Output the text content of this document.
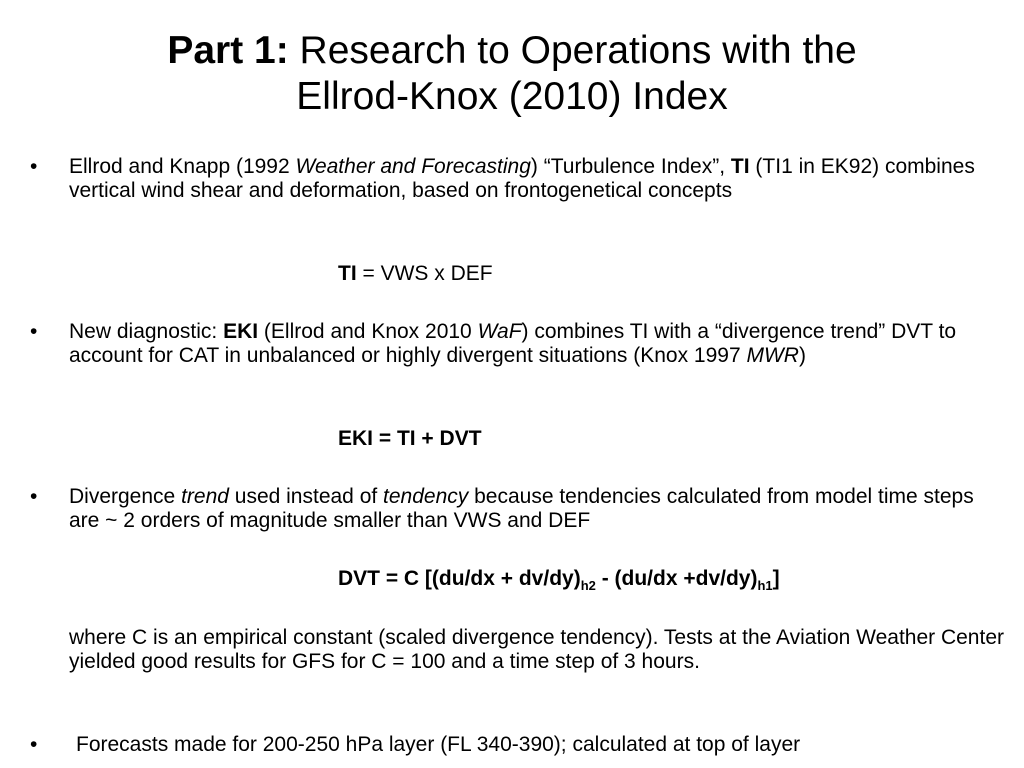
Part 1: Research to Operations with the
Ellrod-Knox (2010) Index
• Ellrod and Knapp (1992 Weather and Forecasting) “Turbulence Index”, TI (TI1 in EK92) combines vertical wind shear and deformation, based on frontogenetical concepts
TI = VWS x DEF
• New diagnostic: EKI (Ellrod and Knox 2010 WaF) combines TI with a “divergence trend” DVT to account for CAT in unbalanced or highly divergent situations (Knox 1997 MWR)
EKI = TI + DVT
• Divergence trend used instead of tendency because tendencies calculated from model time steps are ~ 2 orders of magnitude smaller than VWS and DEF
DVT = C $[(du/dx + dv/dy)_{h2} - (du/dx +dv/dy)_{h1}]$
where C is an empirical constant (scaled divergence tendency). Tests at the Aviation Weather Center yielded good results for GFS for C = 100 and a time step of 3 hours.
• Forecasts made for 200-250 hPa layer (FL 340-390); calculated at top of layer
